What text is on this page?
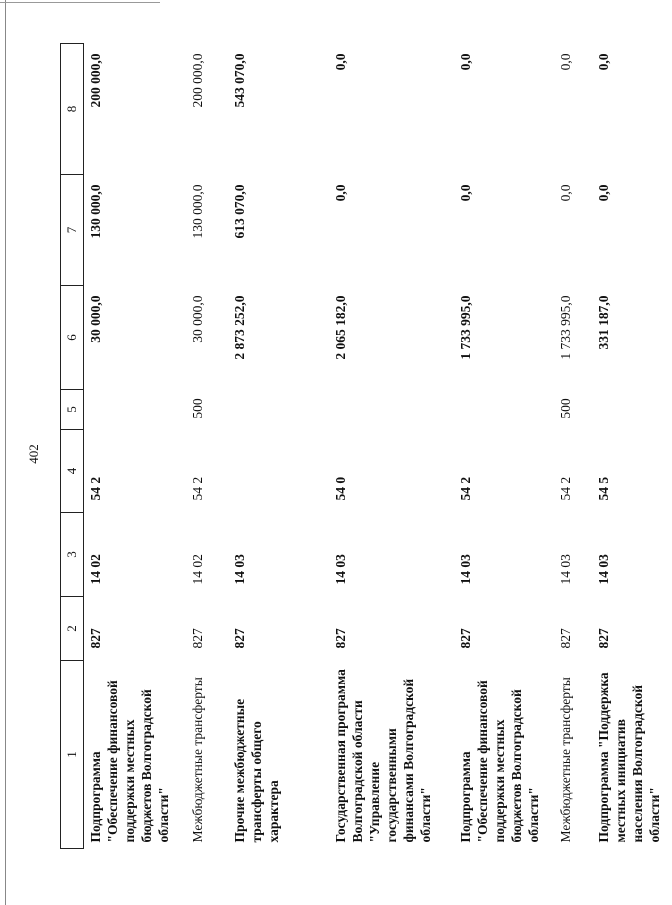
402
1	2	3	4	5	6	7	8
Подпрограмма "Обеспечение финансовой поддержки местных бюджетов Волгоградской области"	827	14 02	54 2		30 000,0	130 000,0	200 000,0
Межбюджетные трансферты	827	14 02	54 2	500	30 000,0	130 000,0	200 000,0
Прочие межбюджетные трансферты общего характера	827	14 03			2 873 252,0	613 070,0	543 070,0
Государственная программа Волгоградской области "Управление государственными финансами Волгоградской области"	827	14 03	54 0		2 065 182,0	0,0	0,0
Подпрограмма "Обеспечение финансовой поддержки местных бюджетов Волгоградской области"	827	14 03	54 2		1 733 995,0	0,0	0,0
Межбюджетные трансферты	827	14 03	54 2	500	1 733 995,0	0,0	0,0
Подпрограмма "Поддержка местных инициатив населения Волгоградской области"	827	14 03	54 5		331 187,0	0,0	0,0
